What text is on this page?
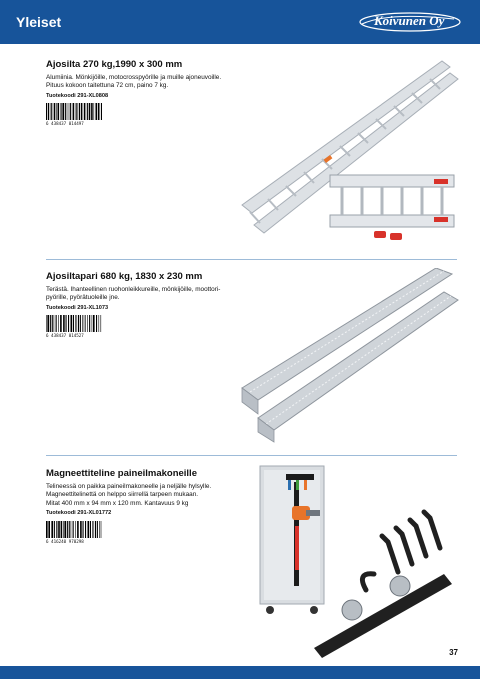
Yleiset	Koivunen Oy
Ajosilta 270 kg,1990 x 300 mm

Alumiinia. Mönkijöille, motocrosspyörille ja muille ajoneuvoille.

Pituus kokoon taitettuna 72 cm, paino 7 kg.

Tuotekoodi 291-XL0808

6 438437 014497
Ajosiltapari 680 kg, 1830 x 230 mm

Terästä. Ihanteellinen ruohonleikkureille, mönkijöille, moottori-

pyörille, pyörätuoleille jne.

Tuotekoodi 291-XL1073

6 438437 014527
Magneettiteline paineilmakoneille

Telineessä on paikka paineilmakoneelle ja neljälle hylsylle.

Magneettitelinettä on helppo siirrellä tarpeen mukaan.

Mitat 400 mm x 94 mm x 120 mm. Kantavuus 9 kg

Tuotekoodi 291-XL01772

6 416240 970298
37
